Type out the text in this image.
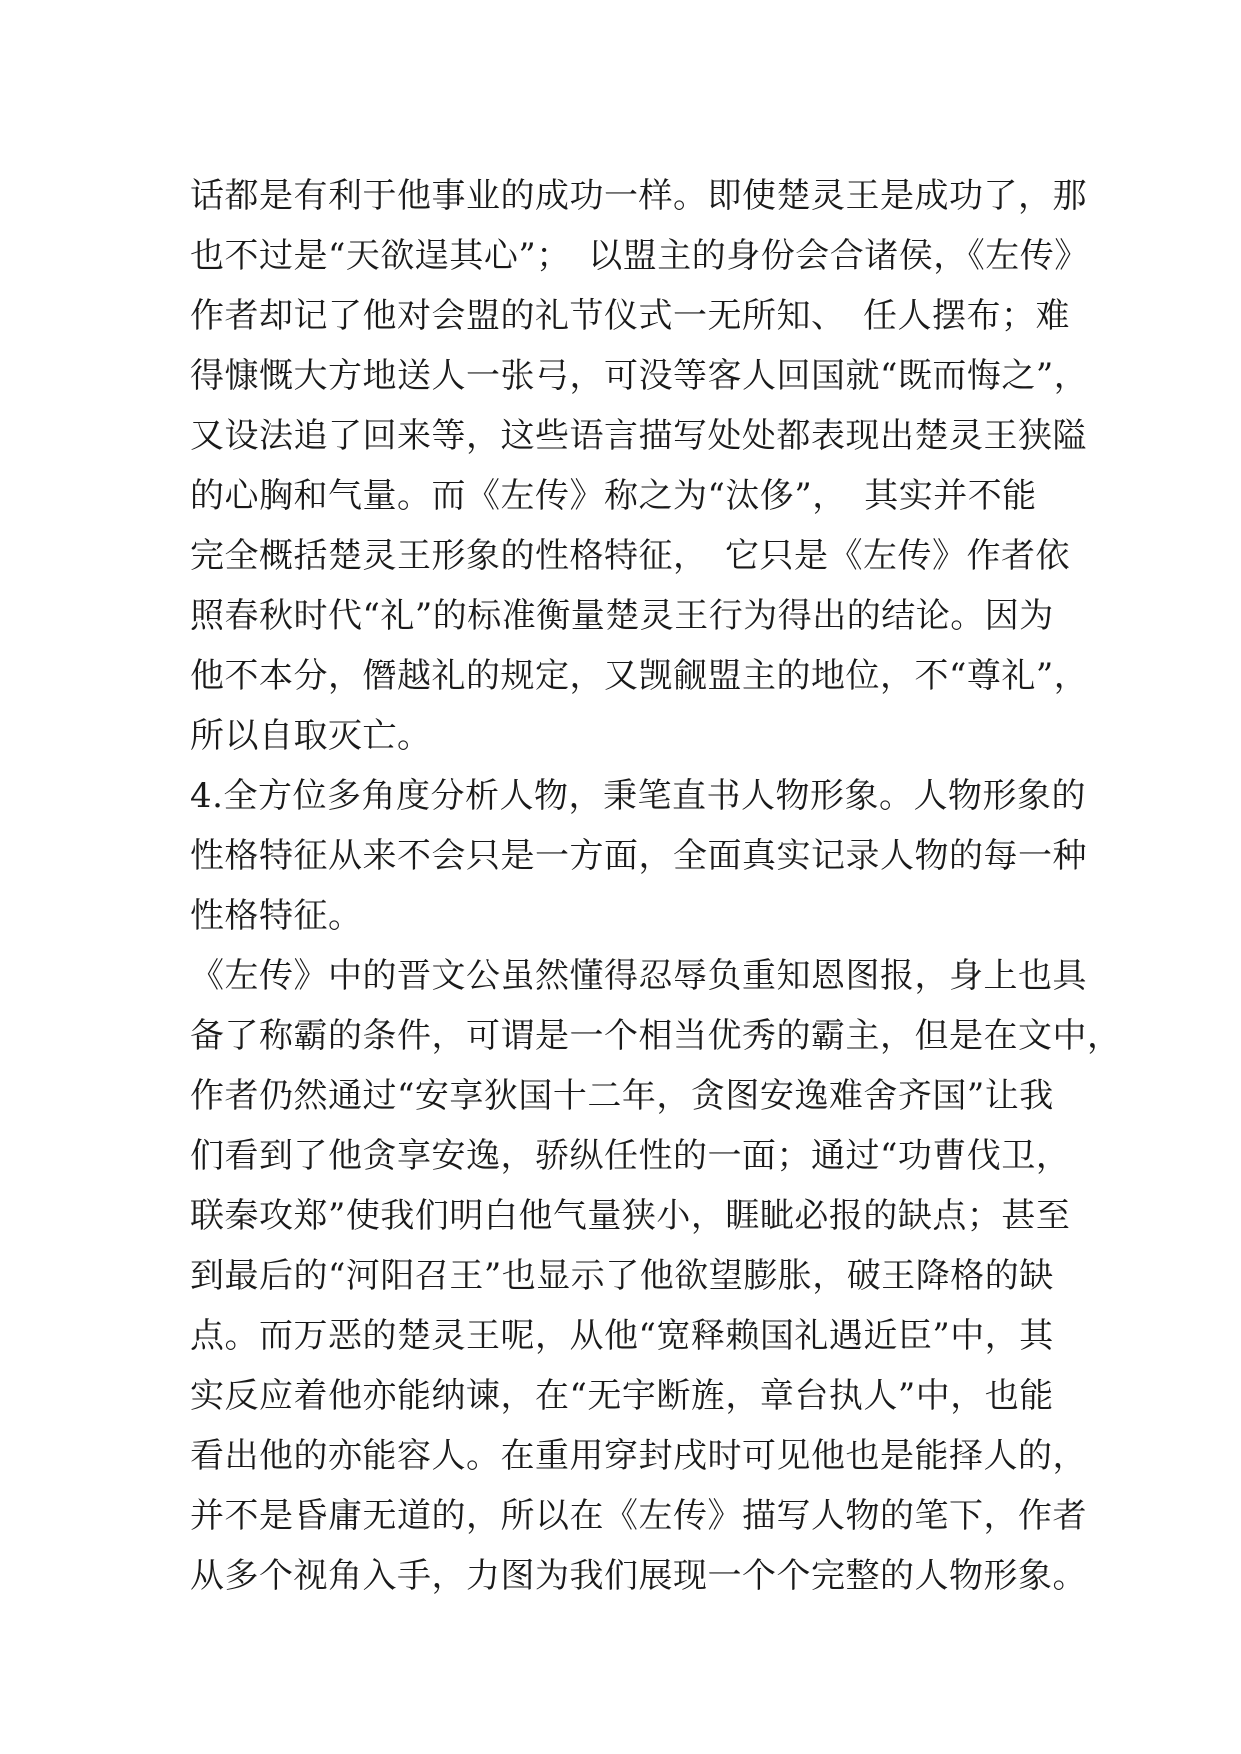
话都是有利于他事业的成功一样。即使楚灵王是成功了，那
也不过是“天欲逞其心”；　以盟主的身份会合诸侯，《左传》
作者却记了他对会盟的礼节仪式一无所知、　任人摆布；难
得慷慨大方地送人一张弓，可没等客人回国就“既而悔之”，
又设法追了回来等，这些语言描写处处都表现出楚灵王狭隘
的心胸和气量。而《左传》称之为“汰侈”，　其实并不能
完全概括楚灵王形象的性格特征，　它只是《左传》作者依
照春秋时代“礼”的标准衡量楚灵王行为得出的结论。因为
他不本分，僭越礼的规定，又觊觎盟主的地位，不“尊礼”，
所以自取灭亡。
4.全方位多角度分析人物，秉笔直书人物形象。人物形象的
性格特征从来不会只是一方面，全面真实记录人物的每一种
性格特征。
《左传》中的晋文公虽然懂得忍辱负重知恩图报，身上也具
备了称霸的条件，可谓是一个相当优秀的霸主，但是在文中，
作者仍然通过“安享狄国十二年，贪图安逸难舍齐国”让我
们看到了他贪享安逸，骄纵任性的一面；通过“功曹伐卫，
联秦攻郑”使我们明白他气量狭小，睚眦必报的缺点；甚至
到最后的“河阳召王”也显示了他欲望膨胀，破王降格的缺
点。而万恶的楚灵王呢，从他“宽释赖国礼遇近臣”中，其
实反应着他亦能纳谏，在“无宇断旌，章台执人”中，也能
看出他的亦能容人。在重用穿封戌时可见他也是能择人的，
并不是昏庸无道的，所以在《左传》描写人物的笔下，作者
从多个视角入手，力图为我们展现一个个完整的人物形象。
